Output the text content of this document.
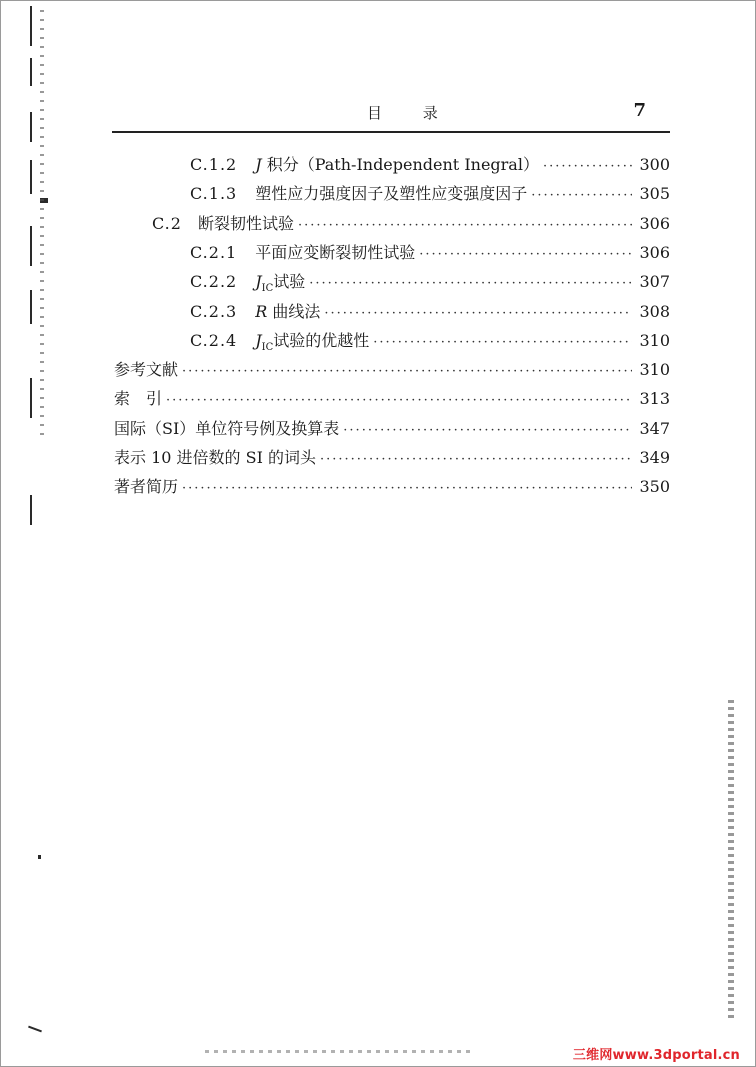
目 录	7
C.1.2 J 积分（Path-Independent Inegral） ·····	300
C.1.3 塑性应力强度因子及塑性应变强度因子 ·····	305
C.2 断裂韧性试验 ·····	306
C.2.1 平面应变断裂韧性试验 ·····	306
C.2.2 $J_{IC}$试验 ·····	307
C.2.3 R 曲线法 ·····	308
C.2.4 $J_{IC}$试验的优越性 ·····	310
参考文献 ·····	310
索　引 ·····	313
国际（SI）单位符号例及换算表 ·····	347
表示 10 进倍数的 SI 的词头 ·····	349
著者简历 ·····	350
三维网www.3dportal.cn
